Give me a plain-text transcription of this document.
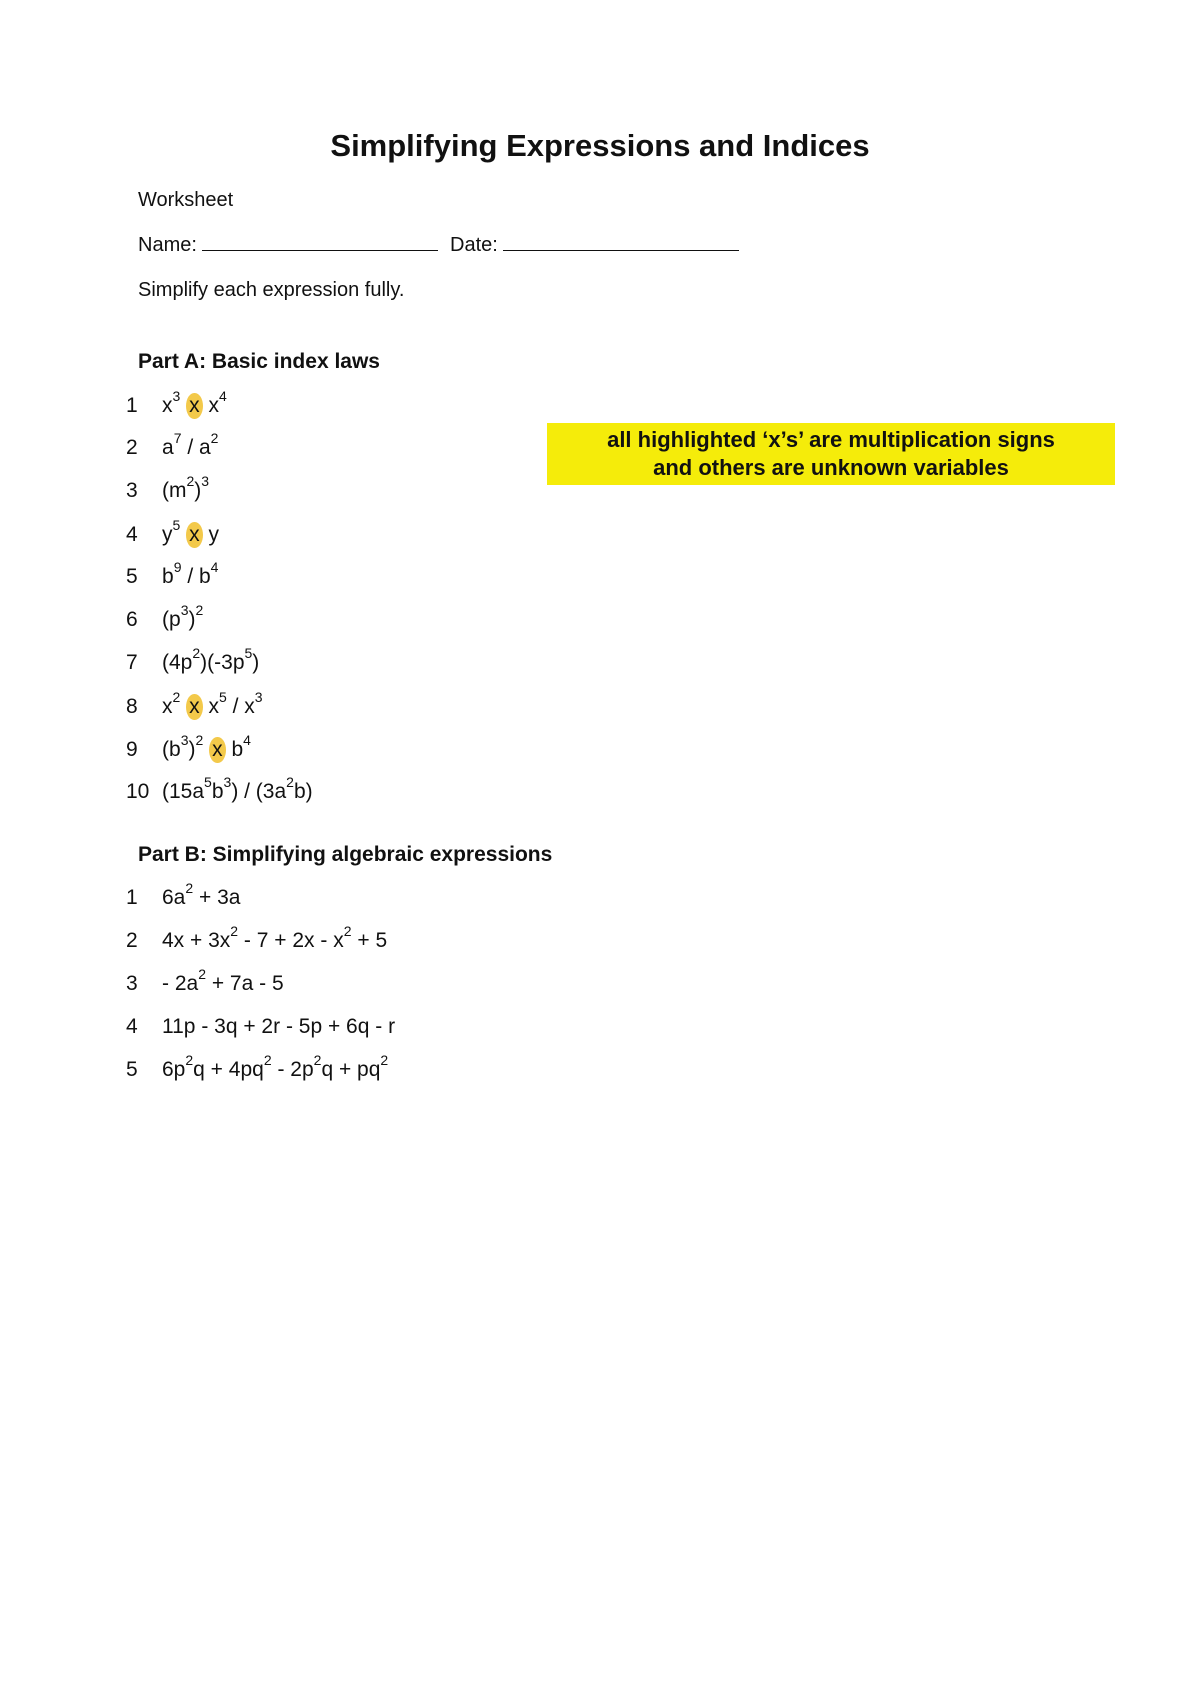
Simplifying Expressions and Indices
Worksheet
Name:	Date:
Simplify each expression fully.
Part A: Basic index laws
1 $x^3$ x $x^4$
2 $a^7 / a^2$
3 $(m^2)^3$
4 $y^5$ x y
5 $b^9 / b^4$
6 $(p^3)^2$
7 $(4p^2)(-3p^5)$
8 $x^2$ x $x^5 / x^3$
9 $(b^3)^2$ x $b^4$
10 $(15a^5b^3) / (3a^2b)$
Part B: Simplifying algebraic expressions
1 $6a^2 + 3a$
2 $4x + 3x^2 - 7 + 2x - x^2 + 5$
$3 - 2a^2 + 7a - 5$
4 11p - 3q + 2r - 5p + 6q - r
5 $6p^2q + 4pq^2 - 2p^2q + pq^2$
all highlighted ‘x’s’ are multiplication signs
and others are unknown variables
